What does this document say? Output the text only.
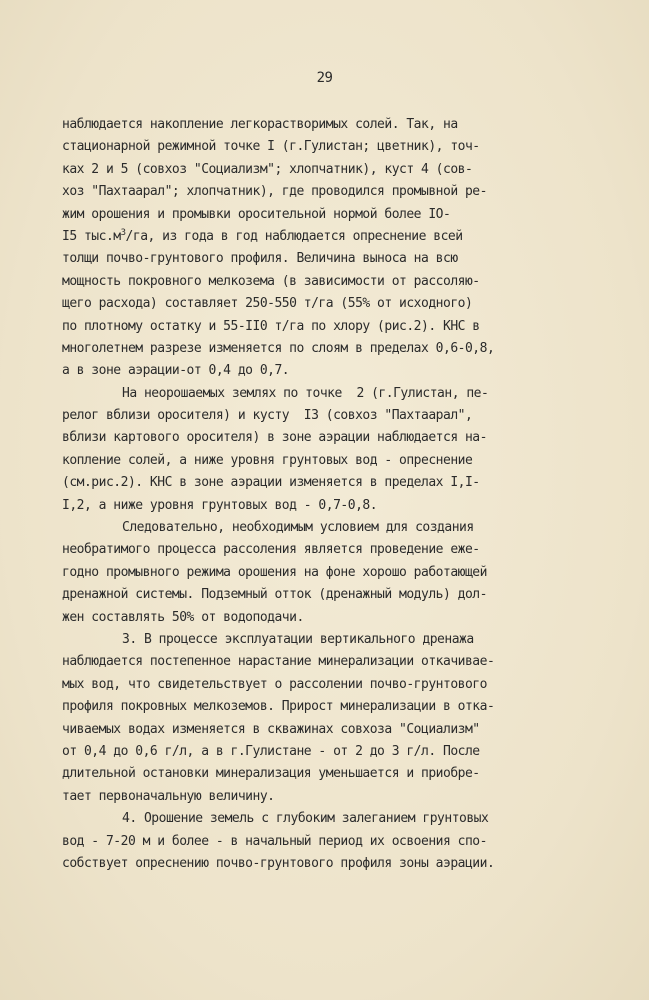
29
наблюдается накопление легкорастворимых солей. Так, на
стационарной режимной точке I (г.Гулистан; цветник), точ-
ках 2 и 5 (совхоз "Социализм"; хлопчатник), куст 4 (сов-
хоз "Пахтаарал"; хлопчатник), где проводился промывной ре-
жим орошения и промывки оросительной нормой более IO-
I5 $тыс.м^3/га$, из года в год наблюдается опреснение всей
толщи почво-грунтового профиля. Величина выноса на всю
мощность покровного мелкозема (в зависимости от рассоляю-
щего расхода) составляет 250-550 т/га (55% от исходного)
по плотному остатку и 55-II0 т/га по хлору (рис.2). КНС в
многолетнем разрезе изменяется по слоям в пределах 0,6-0,8,
а в зоне аэрации-от 0,4 до 0,7.
На неорошаемых землях по точке  2 (г.Гулистан, пе-
релог вблизи оросителя) и кусту  I3 (совхоз "Пахтаарал",
вблизи картового оросителя) в зоне аэрации наблюдается на-
копление солей, а ниже уровня грунтовых вод - опреснение
(см.рис.2). КНС в зоне аэрации изменяется в пределах I,I-
I,2, а ниже уровня грунтовых вод - 0,7-0,8.
Следовательно, необходимым условием для создания
необратимого процесса рассоления является проведение еже-
годно промывного режима орошения на фоне хорошо работающей
дренажной системы. Подземный отток (дренажный модуль) дол-
жен составлять 50% от водоподачи.
3. В процессе эксплуатации вертикального дренажа
наблюдается постепенное нарастание минерализации откачивае-
мых вод, что свидетельствует о рассолении почво-грунтового
профиля покровных мелкоземов. Прирост минерализации в отка-
чиваемых водах изменяется в скважинах совхоза "Социализм"
от 0,4 до 0,6 г/л, а в г.Гулистане - от 2 до 3 г/л. После
длительной остановки минерализация уменьшается и приобре-
тает первоначальную величину.
4. Орошение земель с глубоким залеганием грунтовых
вод - 7-20 м и более - в начальный период их освоения спо-
собствует опреснению почво-грунтового профиля зоны аэрации.
